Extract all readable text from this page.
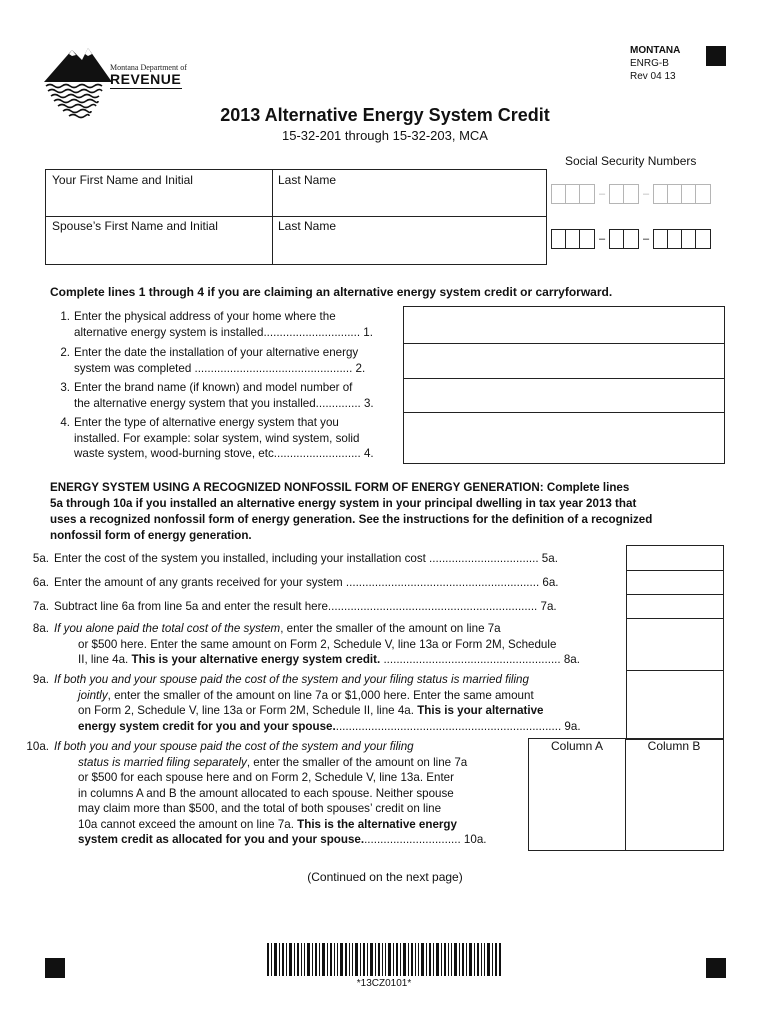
Montana Department of
REVENUE
MONTANA
ENRG-B
Rev 04 13
2013 Alternative Energy System Credit
15-32-201 through 15-32-203, MCA
Social Security Numbers
Your First Name and Initial	Last Name
Spouse’s First Name and Initial	Last Name
–	–
–	–
Complete lines 1 through 4 if you are claiming an alternative energy system credit or carryforward.
1. Enter the physical address of your home where the
alternative energy system is installed.............................. 1.
2. Enter the date the installation of your alternative energy
system was completed ................................................. 2.
3. Enter the brand name (if known) and model number of
the alternative energy system that you installed.............. 3.
4. Enter the type of alternative energy system that you
installed. For example: solar system, wind system, solid
waste system, wood-burning stove, etc........................... 4.
ENERGY SYSTEM USING A RECOGNIZED NONFOSSIL FORM OF ENERGY GENERATION: Complete lines
5a through 10a if you installed an alternative energy system in your principal dwelling in tax year 2013 that
uses a recognized nonfossil form of energy generation. See the instructions for the definition of a recognized
nonfossil form of energy generation.
5a. Enter the cost of the system you installed, including your installation cost .................................. 5a.
6a. Enter the amount of any grants received for your system ............................................................ 6a.
7a. Subtract line 6a from line 5a and enter the result here................................................................. 7a.
8a. If you alone paid the total cost of the system, enter the smaller of the amount on line 7a
or $500 here. Enter the same amount on Form 2, Schedule V, line 13a or Form 2M, Schedule
II, line 4a. This is your alternative energy system credit. ....................................................... 8a.
9a. If both you and your spouse paid the cost of the system and your filing status is married filing
jointly, enter the smaller of the amount on line 7a or $1,000 here. Enter the same amount
on Form 2, Schedule V, line 13a or Form 2M, Schedule II, line 4a. This is your alternative
energy system credit for you and your spouse....................................................................... 9a.
10a. If both you and your spouse paid the cost of the system and your filing
status is married filing separately, enter the smaller of the amount on line 7a
or $500 for each spouse here and on Form 2, Schedule V, line 13a. Enter
in columns A and B the amount allocated to each spouse. Neither spouse
may claim more than $500, and the total of both spouses’ credit on line
10a cannot exceed the amount on line 7a. This is the alternative energy
system credit as allocated for you and your spouse............................... 10a.
Column A	Column B
(Continued on the next page)
*13CZ0101*
